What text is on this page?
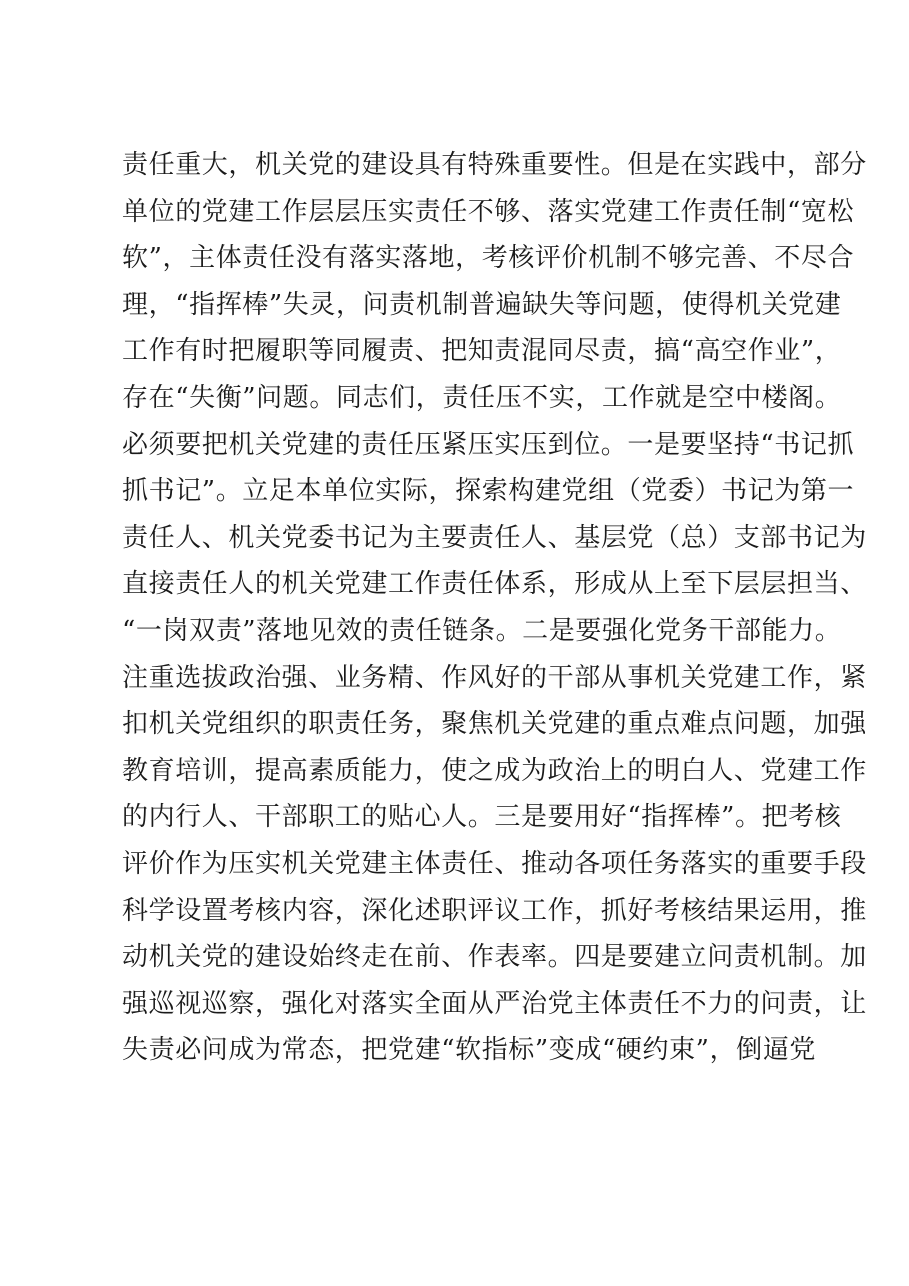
责任重大，机关党的建设具有特殊重要性。但是在实践中，部分
单位的党建工作层层压实责任不够、落实党建工作责任制“宽松
软”，主体责任没有落实落地，考核评价机制不够完善、不尽合
理，“指挥棒”失灵，问责机制普遍缺失等问题，使得机关党建
工作有时把履职等同履责、把知责混同尽责，搞“高空作业”，
存在“失衡”问题。同志们，责任压不实，工作就是空中楼阁。
必须要把机关党建的责任压紧压实压到位。一是要坚持“书记抓
抓书记”。立足本单位实际，探索构建党组（党委）书记为第一
责任人、机关党委书记为主要责任人、基层党（总）支部书记为
直接责任人的机关党建工作责任体系，形成从上至下层层担当、
“一岗双责”落地见效的责任链条。二是要强化党务干部能力。
注重选拔政治强、业务精、作风好的干部从事机关党建工作，紧
扣机关党组织的职责任务，聚焦机关党建的重点难点问题，加强
教育培训，提高素质能力，使之成为政治上的明白人、党建工作
的内行人、干部职工的贴心人。三是要用好“指挥棒”。把考核
评价作为压实机关党建主体责任、推动各项任务落实的重要手段
科学设置考核内容，深化述职评议工作，抓好考核结果运用，推
动机关党的建设始终走在前、作表率。四是要建立问责机制。加
强巡视巡察，强化对落实全面从严治党主体责任不力的问责，让
失责必问成为常态，把党建“软指标”变成“硬约束”，倒逼党
